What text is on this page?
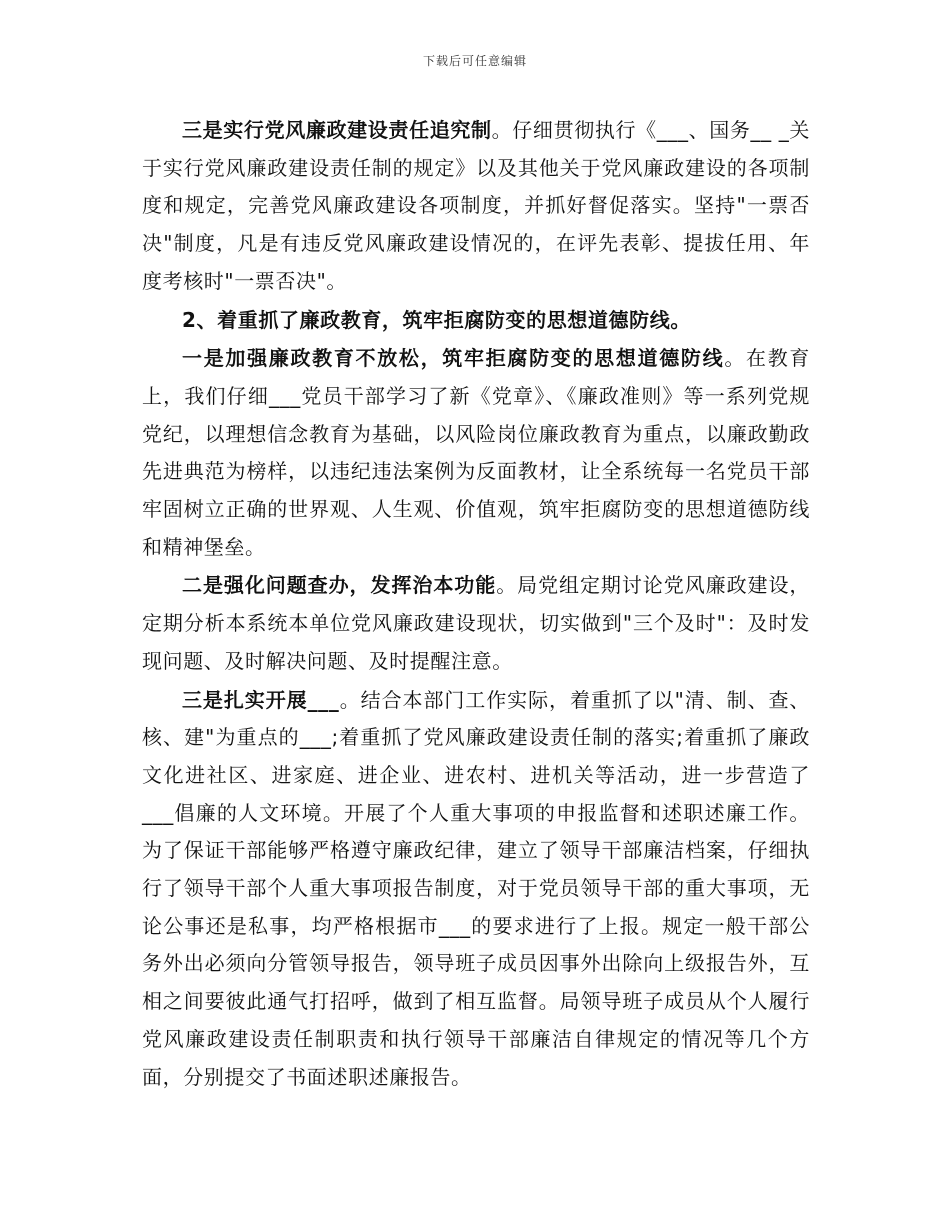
下载后可任意编辑

三是实行党风廉政建设责任追究制。仔细贯彻执行《___、国务__ _关于实行党风廉政建设责任制的规定》以及其他关于党风廉政建设的各项制度和规定，完善党风廉政建设各项制度，并抓好督促落实。坚持"一票否决"制度，凡是有违反党风廉政建设情况的，在评先表彰、提拔任用、年度考核时"一票否决"。

2、着重抓了廉政教育，筑牢拒腐防变的思想道德防线。

一是加强廉政教育不放松，筑牢拒腐防变的思想道德防线。在教育上，我们仔细___党员干部学习了新《党章》、《廉政准则》等一系列党规党纪，以理想信念教育为基础，以风险岗位廉政教育为重点，以廉政勤政先进典范为榜样，以违纪违法案例为反面教材，让全系统每一名党员干部牢固树立正确的世界观、人生观、价值观，筑牢拒腐防变的思想道德防线和精神堡垒。

二是强化问题查办，发挥治本功能。局党组定期讨论党风廉政建设，定期分析本系统本单位党风廉政建设现状，切实做到"三个及时"：及时发现问题、及时解决问题、及时提醒注意。

三是扎实开展___。结合本部门工作实际，着重抓了以"清、制、查、核、建"为重点的___;着重抓了党风廉政建设责任制的落实;着重抓了廉政文化进社区、进家庭、进企业、进农村、进机关等活动，进一步营造了___倡廉的人文环境。开展了个人重大事项的申报监督和述职述廉工作。为了保证干部能够严格遵守廉政纪律，建立了领导干部廉洁档案，仔细执行了领导干部个人重大事项报告制度，对于党员领导干部的重大事项，无论公事还是私事，均严格根据市___的要求进行了上报。规定一般干部公务外出必须向分管领导报告，领导班子成员因事外出除向上级报告外，互相之间要彼此通气打招呼，做到了相互监督。局领导班子成员从个人履行党风廉政建设责任制职责和执行领导干部廉洁自律规定的情况等几个方面，分别提交了书面述职述廉报告。
